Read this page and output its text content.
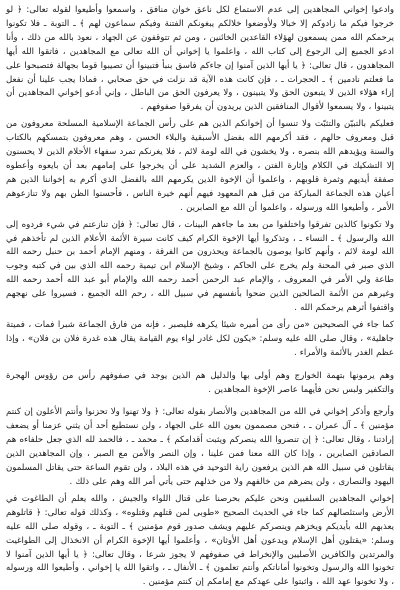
وادعوا إخواني المجاهدين إلى عدم الاستماع لكل ناعق خوان منافق ، واسمعوا وأطيعوا لقوله تعالى: ﴿ لو خرجوا فيكم ما زادوكم إلا خبالا ولأوضعوا خلالكم يبغونكم الفتنة وفيكم سماعون لهم ﴾ ـ التوبة ـ فلا تكونوا يرحمكم الله ممن يسمعون لهؤلاء القاعدين الخائنين ، ومن ثم تتوقفون عن الجهاد ، نعوذ بالله من ذلك ، وأنا ادعو الجميع إلى الرجوع إلى كتاب الله ، واعلموا يا إخواني أن الله تعالى مع المجاهدين ، فاتقوا الله أيها المجاهدون ، قال تعالى: ﴿ يا أيها الذين آمنوا إن جاءكم فاسق بنبأ فتبينوا أن تصيبوا قوما بجهالة فتصبحوا على ما فعلتم نادمين ﴾ ـ الحجرات ـ ، فإن كانت هذه الآية قد نزلت في حق صحابي ، فماذا يجب علينا أن نفعل إزاء هؤلاء الذين لا يتبعون الحق ولا يتبينون ، ولا يعرفون الحق من الباطل ، وإني أدعو إخواني المجاهدين أن يتبينوا ، ولا يسمعوا لأقوال المنافقين الذين يريدون أن يفرقوا صفوفهم .

فعليكم بالتبيّن والتثبّت ولا تنسوا أن إخوانكم الذين هم على رأس الجماعة الإسلامية المسلحة معروفون من قبل ومعروف حالهم ، فقد أكرمهم الله بفضل الأسبقية والبلاء الحسن ، وهم معروفون بتمسكهم بالكتاب والسنة ويؤيدهم الله بنصره ، ولا يخشون في الله لومة لائم ، فلا يغرنكم تمرد سفهاء الأحلام الذين لا يحسنون إلا التشكيك في الكلام وإثارة الفتن ، والعزم الشديد على أن يخرجوا على إمامهم بعد أن بايعوه وأعطوه صفقة أيديهم وثمرة قلوبهم ، واعلموا أن الإخوة الذين يكرمهم الله بالفضل الذي أكرم به إخواننا الذين هم أعيان هذه الجماعة المباركة من قبل هم المعهود فيهم أنهم خيرة الناس ، فأحسنوا الظن بهم ولا تنازعوهم الأمر ، وأطيعوا الله ورسوله ، واعلموا أن الله مع الصابرين .

ولا تكونوا كالذين تفرقوا واختلفوا من بعد ما جاءهم البينات ، قال تعالى: ﴿ فإن تنازعتم في شيء فردوه إلى الله والرسول ﴾ ـ النساء ـ ، وتذكروا أيها الإخوة الكرام كيف كانت سيرة الأئمة الأعلام الذين لم تأخذهم في الله لومة لائم ، وأنهم كانوا يوصون بالجماعة ويحذرون من الفرقة ، ومنهم الإمام أحمد بن حنبل رحمه الله الذي صبر في المحنة ولم يخرج على الحاكم ، وشيخ الإسلام ابن تيمية رحمه الله الذي بين في كتبه وجوب طاعة ولي الأمر في المعروف ، والإمام عبد الرحمن أحمد رحمه الله والإمام أبو عبد الله أحمد رحمه الله وغيرهم من الأئمة الصالحين الذين ضحوا بأنفسهم في سبيل الله ، رحم الله الجميع ، فسيروا على نهجهم واقتفوا أثرهم يرحمكم الله .

كما جاء في الصحيحين «من رأى من أميره شيئا يكرهه فليصبر ، فإنه من فارق الجماعة شبرا فمات ، فميتة جاهلية» ، وقال صلى الله عليه وسلم: «يكون لكل غادر لواء يوم القيامة يقال هذه غدرة فلان بن فلان» ، وإذا عظم الغدر بالأئمة والأمراء .

وهم يرمونها بتهمة الخوارج وهم أولى بها والدليل هم الذين يوجد في صفوفهم رأس من رؤوس الهجرة والتكفير ولبس نحن فأيهما عاصر الإخوة المجاهدين .

وأرجع وأذكر إخواني في الله من المجاهدين والأنصار بقوله تعالى: ﴿ ولا تهنوا ولا تحزنوا وأنتم الأعلون إن كنتم مؤمنين ﴾ ـ آل عمران ـ ، فنحن مصممون بعون الله على الجهاد ، ولن نستطيع أحد أن يثني عزمنا أو يضعف إرادتنا ، وقال تعالى: ﴿ إن تنصروا الله ينصركم ويثبت أقدامكم ﴾ ـ محمد ـ ، فالحمد لله الذي جعل حلفاءه هم الصادقين الصابرين ، وإذا كان الله معنا فمن علينا ، وإن النصر والأمن مع الصبر ، وإن المجاهدين الذين يقاتلون في سبيل الله هم الذين يرفعون راية التوحيد في هذه البلاد ، ولن تقوم الساعة حتى يقاتل المسلمون اليهود والنصارى ، ولن يضرهم من خالفهم ولا من خذلهم حتى يأتي أمر الله وهم على ذلك .

إخواني المجاهدين السلفيين ونحن عليكم بحرصنا على قتال اللواء والجيش ، والله يعلم أن الطاغوت في الأرض واستئصالهم كما جاء في الحديث الصحيح «طوبى لمن قتلهم وقتلوه» ، وكذلك قوله تعالى: ﴿ قاتلوهم يعذبهم الله بأيديكم ويخزهم وينصركم عليهم ويشف صدور قوم مؤمنين ﴾ ـ التوبة ـ ، وقوله صلى الله عليه وسلم: «يقتلون أهل الإسلام ويدعون أهل الأوثان» ، وأعلموا أيها الإخوة الكرام أن الانخذال إلى الطواغيت والمرتدين والكافرين الأصليين والإنخراط في صفوفهم لا يجوز شرعا ، وقال تعالى: ﴿ يا أيها الذين آمنوا لا تخونوا الله والرسول وتخونوا أماناتكم وأنتم تعلمون ﴾ ـ الأنفال ـ ، واتقوا الله يا إخواني ، وأطيعوا الله ورسوله ، ولا تخونوا عهد الله ، واثبتوا على عهدكم مع إمامكم إن كنتم مؤمنين .
